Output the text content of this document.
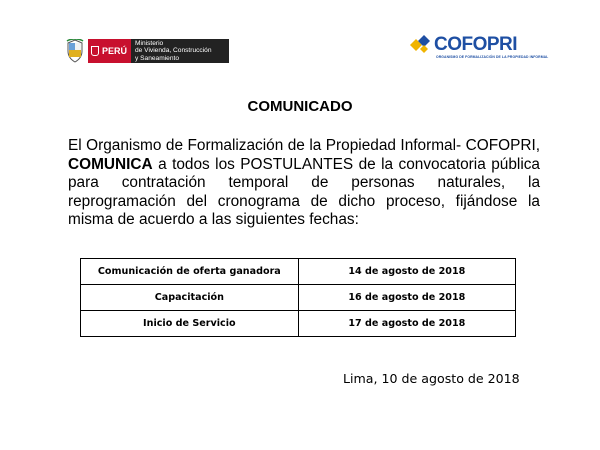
PERÚ
Ministerio
de Vivienda, Construcción
y Saneamiento
COFOPRI
ORGANISMO DE FORMALIZACIÓN DE LA PROPIEDAD INFORMAL
COMUNICADO
El Organismo de Formalización de la Propiedad Informal- COFOPRI, COMUNICA a todos los POSTULANTES de la convocatoria pública para contratación temporal de personas naturales, la reprogramación del cronograma de dicho proceso, fijándose la misma de acuerdo a las siguientes fechas:
Comunicación de oferta ganadora	14 de agosto de 2018
Capacitación	16 de agosto de 2018
Inicio de Servicio	17 de agosto de 2018
Lima, 10 de agosto de 2018
